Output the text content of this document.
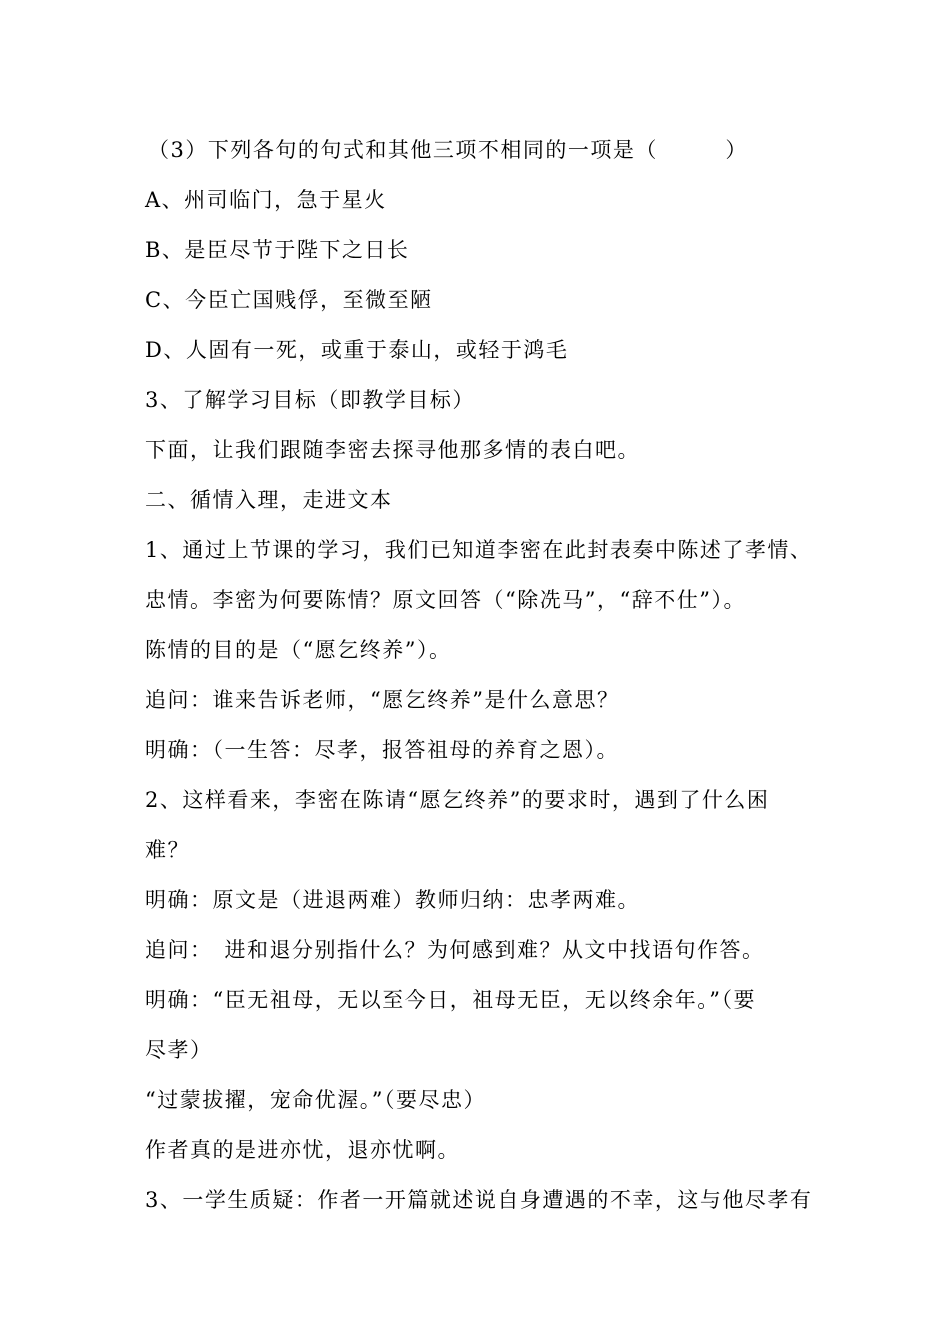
（3）下列各句的句式和其他三项不相同的一项是（　　　）
A、州司临门，急于星火
B、是臣尽节于陛下之日长
C、今臣亡国贱俘，至微至陋
D、人固有一死，或重于泰山，或轻于鸿毛
3、了解学习目标（即教学目标）
下面，让我们跟随李密去探寻他那多情的表白吧。
二、循情入理，走进文本
1、通过上节课的学习，我们已知道李密在此封表奏中陈述了孝情、
忠情。李密为何要陈情？原文回答（“除冼马”，“辞不仕”）。
陈情的目的是（“愿乞终养”）。
追问：谁来告诉老师，“愿乞终养”是什么意思？
明确：（一生答：尽孝，报答祖母的养育之恩）。
2、这样看来，李密在陈请“愿乞终养”的要求时，遇到了什么困
难？
明确：原文是（进退两难）教师归纳：忠孝两难。
追问：　进和退分别指什么？为何感到难？从文中找语句作答。
明确：“臣无祖母，无以至今日，祖母无臣，无以终余年。”（要
尽孝）
“过蒙拔擢，宠命优渥。”（要尽忠）
作者真的是进亦忧，退亦忧啊。
3、一学生质疑：作者一开篇就述说自身遭遇的不幸，这与他尽孝有
